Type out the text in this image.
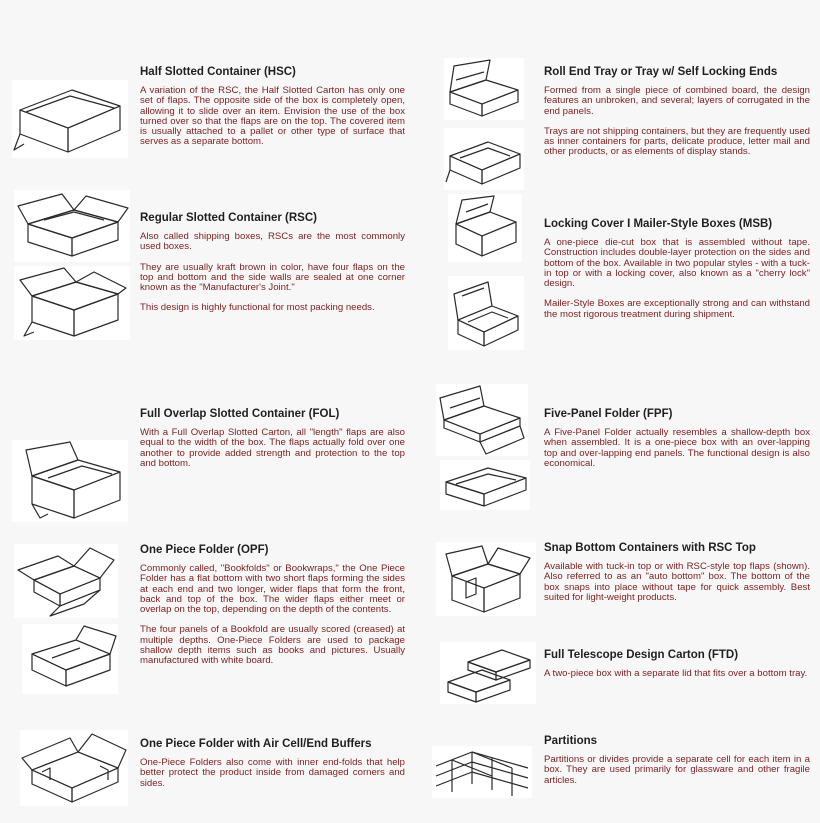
Half Slotted Container (HSC)

A variation of the RSC, the Half Slotted Carton has only one set of flaps. The opposite side of the box is completely open, allowing it to slide over an item. Envision the use of the box turned over so that the flaps are on the top. The covered item is usually attached to a pallet or other type of surface that serves as a separate bottom.

Regular Slotted Container (RSC)

Also called shipping boxes, RSCs are the most commonly used boxes.

They are usually kraft brown in color, have four flaps on the top and bottom and the side walls are sealed at one corner known as the "Manufacturer's Joint."

This design is highly functional for most packing needs.

Full Overlap Slotted Container (FOL)

With a Full Overlap Slotted Carton, all "length" flaps are also equal to the width of the box. The flaps actually fold over one another to provide added strength and protection to the top and bottom.

One Piece Folder (OPF)

Commonly called, "Bookfolds" or Bookwraps," the One Piece Folder has a flat bottom with two short flaps forming the sides at each end and two longer, wider flaps that form the front, back and top of the box. The wider flaps either meet or overlap on the top, depending on the depth of the contents.

The four panels of a Bookfold are usually scored (creased) at multiple depths. One-Piece Folders are used to package shallow depth items such as books and pictures. Usually manufactured with white board.

One Piece Folder with Air Cell/End Buffers

One-Piece Folders also come with inner end-folds that help better protect the product inside from damaged corners and sides.

Roll End Tray or Tray w/ Self Locking Ends

Formed from a single piece of combined board, the design features an unbroken, and several; layers of corrugated in the end panels.

Trays are not shipping containers, but they are frequently used as inner containers for parts, delicate produce, letter mail and other products, or as elements of display stands.

Locking Cover I Mailer-Style Boxes (MSB)

A one-piece die-cut box that is assembled without tape. Construction includes double-layer protection on the sides and bottom of the box. Available in two popular styles - with a tuck-in top or with a locking cover, also known as a "cherry lock" design.

Mailer-Style Boxes are exceptionally strong and can withstand the most rigorous treatment during shipment.

Five-Panel Folder (FPF)

A Five-Panel Folder actually resembles a shallow-depth box when assembled. It is a one-piece box with an over-lapping top and over-lapping end panels. The functional design is also economical.

Snap Bottom Containers with RSC Top

Available with tuck-in top or with RSC-style top flaps (shown). Also referred to as an "auto bottom" box. The bottom of the box snaps into place without tape for quick assembly. Best suited for light-weight products.

Full Telescope Design Carton (FTD)

A two-piece box with a separate lid that fits over a bottom tray.

Partitions

Partitions or divides provide a separate cell for each item in a box. They are used primarily for glassware and other fragile articles.
